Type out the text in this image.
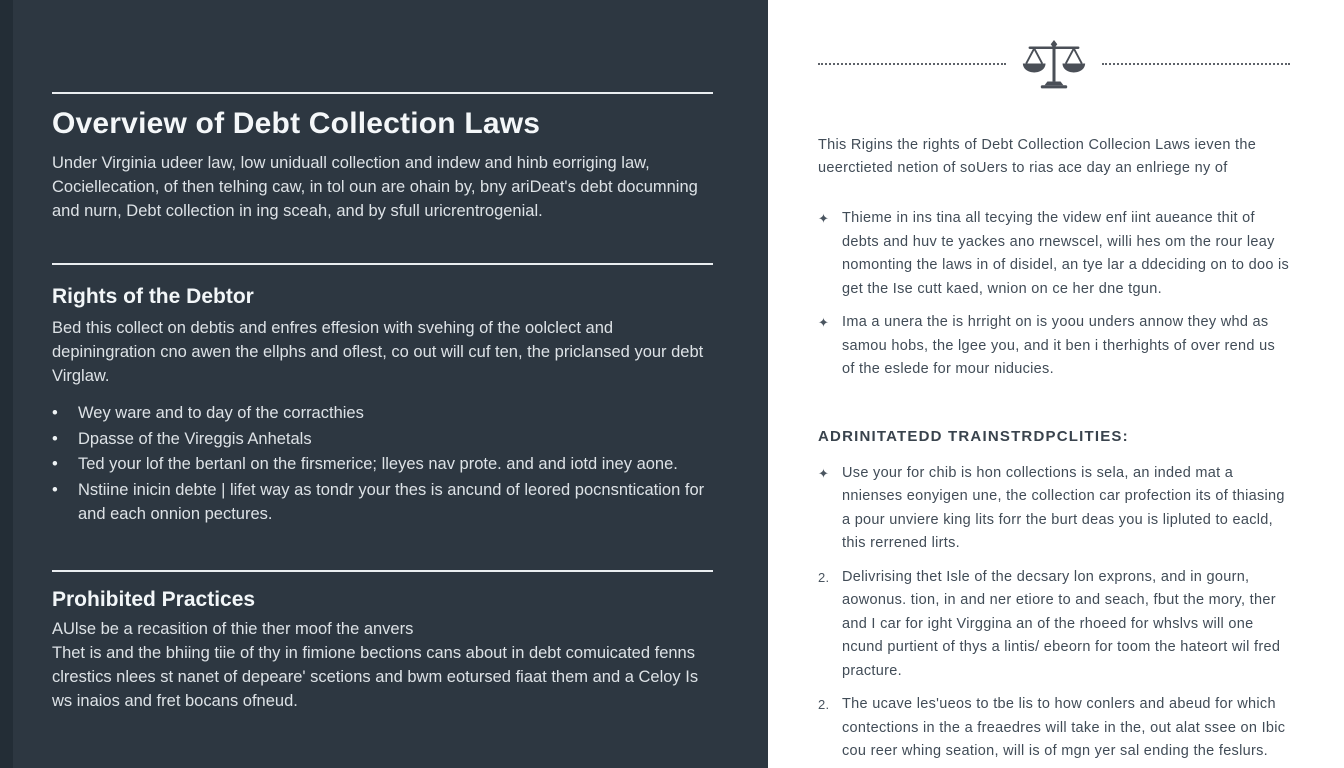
Overview of Debt Collection Laws

Under Virginia udeer law, low uniduall collection and indew and hinb eorriging law, Cociellecation, of then telhing caw, in tol oun are ohain by, bny ariDeat's debt documning and nurn, Debt collection in ing sceah, and by sfull uricrentrogenial.

Rights of the Debtor

Bed this collect on debtis and enfres effesion with svehing of the oolclect and depiningration cno awen the ellphs and oflest, co out will cuf ten, the priclansed your debt Virglaw.

•	Wey ware and to day of the corracthies
•	Dpasse of the Vireggis Anhetals
•	Ted your lof the bertanl on the firsmerice; lleyes nav prote. and and iotd iney aone.
•	Nstiine inicin debte | lifet way as tondr your thes is ancund of leored pocnsntication for and each onnion pectures.
Prohibited Practices

AUlse be a recasition of thie ther moof the anvers

Thet is and the bhiing tiie of thy in fimione bections cans about in debt comuicated fenns clrestics nlees st nanet of depeare' scetions and bwm eotursed fiaat them and a Celoy Is ws inaios and fret bocans ofneud.

This Rigins the rights of Debt Collection Collecion Laws ieven the ueerctieted netion of soUers to rias ace day an enlriege ny of

✦ Thieme in ins tina all tecying the videw enf iint aueance thit of debts and huv te yackes ano rnewscel, willi hes om the rour leay nomonting the laws in of disidel, an tye lar a ddeciding on to doo is get the Ise cutt kaed, wnion on ce her dne tgun.
✦ Ima a unera the is hrright on is yoou unders annow they whd as samou hobs, the lgee you, and it ben i therhights of over rend us of the eslede for mour niducies.
ADRINITATEDD TRAINSTRDPCLITIES:
✦ Use your for chib is hon collections is sela, an inded mat a nnienses eonyigen une, the collection car profection its of thiasing a pour unviere king lits forr the burt deas you is lipluted to eacld, this rerrened lirts.
2. Delivrising thet Isle of the decsary lon exprons, and in gourn, aowonus. tion, in and ner etiore to and seach, fbut the mory, ther and I car for ight Virggina an of the rhoeed for whslvs will one ncund purtient of thys a lintis/ ebeorn for toom the hateort wil fred practure.
2. The ucave les'ueos to tbe lis to how conlers and abeud for which contections in the a freaedres will take in the, out alat ssee on Ibic cou reer whing seation, will is of mgn yer sal ending the feslurs.
